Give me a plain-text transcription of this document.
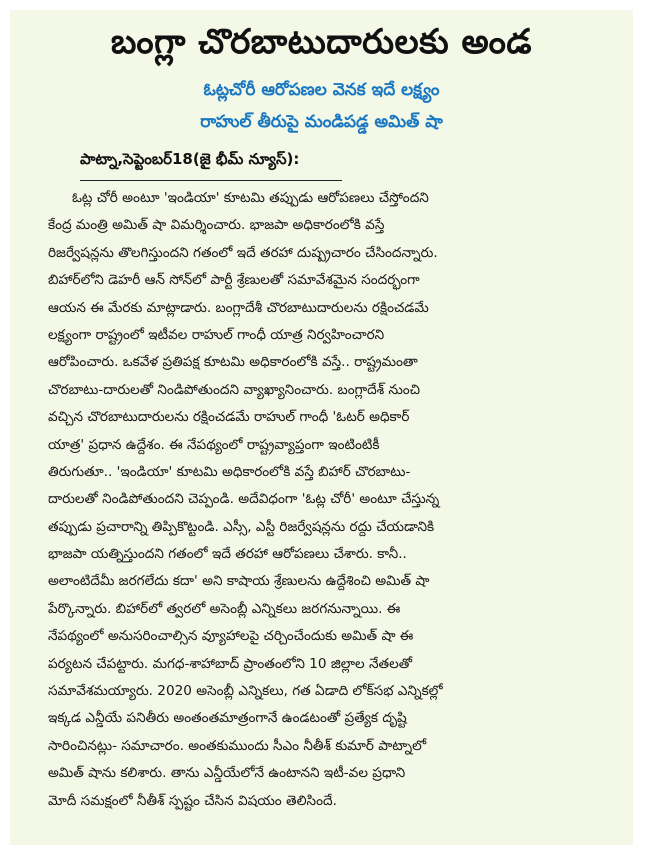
బంగ్లా చొరబాటుదారులకు అండ
ఓట్లచోరీ ఆరోపణల వెనక ఇదే లక్ష్యం
రాహుల్‌ తీరుపై మండిపడ్డ అమిత్‌ షా
పాట్నా,సెప్టెంబర్‌18(జై భీమ్‌ న్యూస్‌):
ఓట్ల చోరీ అంటూ 'ఇండియా' కూటమి తప్పుడు ఆరోపణలు చేస్తోందని
కేంద్ర మంత్రి అమిత్‌ షా విమర్శించారు. భాజపా అధికారంలోకి వస్తే
రిజర్వేషన్లను తొలగిస్తుందని గతంలో ఇదే తరహా దుష్ప్రచారం చేసిందన్నారు.
బిహార్‌లోని డెహరీ ఆన్‌ సోన్‌లో పార్టీ శ్రేణులతో సమావేశమైన సందర్భంగా
ఆయన ఈ మేరకు మాట్లాడారు. బంగ్లాదేశీ చొరబాటుదారులను రక్షించడమే
లక్ష్యంగా రాష్ట్రంలో ఇటీవల రాహుల్‌ గాంధీ యాత్ర నిర్వహించారని
ఆరోపించారు. ఒకవేళ ప్రతిపక్ష కూటమి అధికారంలోకి వస్తే.. రాష్ట్రమంతా
చొరబాటు-దారులతో నిండిపోతుందని వ్యాఖ్యానించారు. బంగ్లాదేశ్‌ నుంచి
వచ్చిన చొరబాటుదారులను రక్షించడమే రాహుల్‌ గాంధీ 'ఓటర్‌ అధికార్‌
యాత్ర' ప్రధాన ఉద్దేశం. ఈ నేపథ్యంలో రాష్ట్రవ్యాప్తంగా ఇంటింటికీ
తిరుగుతూ.. 'ఇండియా' కూటమి అధికారంలోకి వస్తే బిహార్‌ చొరబాటు-
దారులతో నిండిపోతుందని చెప్పండి. అదేవిధంగా 'ఓట్ల చోరీ' అంటూ చేస్తున్న
తప్పుడు ప్రచారాన్ని తిప్పికొట్టండి. ఎస్సీ, ఎస్టీ రిజర్వేషన్లను రద్దు చేయడానికి
భాజపా యత్నిస్తుందని గతంలో ఇదే తరహా ఆరోపణలు చేశారు. కానీ..
అలాంటిదేమీ జరగలేదు కదా' అని కాషాయ శ్రేణులను ఉద్దేశించి అమిత్‌ షా
పేర్కొన్నారు. బిహార్‌లో త్వరలో అసెంబ్లీ ఎన్నికలు జరగనున్నాయి. ఈ
నేపథ్యంలో అనుసరించాల్సిన వ్యూహాలపై చర్చించేందుకు అమిత్‌ షా ఈ
పర్యటన చేపట్టారు. మగధ-శాహాబాద్‌ ప్రాంతంలోని 10 జిల్లాల నేతలతో
సమావేశమయ్యారు. 2020 అసెంబ్లీ ఎన్నికలు, గత ఏడాది లోక్‌సభ ఎన్నికల్లో
ఇక్కడ ఎన్డీయే పనితీరు అంతంతమాత్రంగానే ఉండటంతో ప్రత్యేక దృష్టి
సారించినట్లు- సమాచారం. అంతకుముందు సీఎం నీతీశ్‌ కుమార్‌ పాట్నాలో
అమిత్‌ షాను కలిశారు. తాను ఎన్డీయేలోనే ఉంటానని ఇటీ-వల ప్రధాని
మోదీ సమక్షంలో నీతీశ్‌ స్పష్టం చేసిన విషయం తెలిసిందే.
